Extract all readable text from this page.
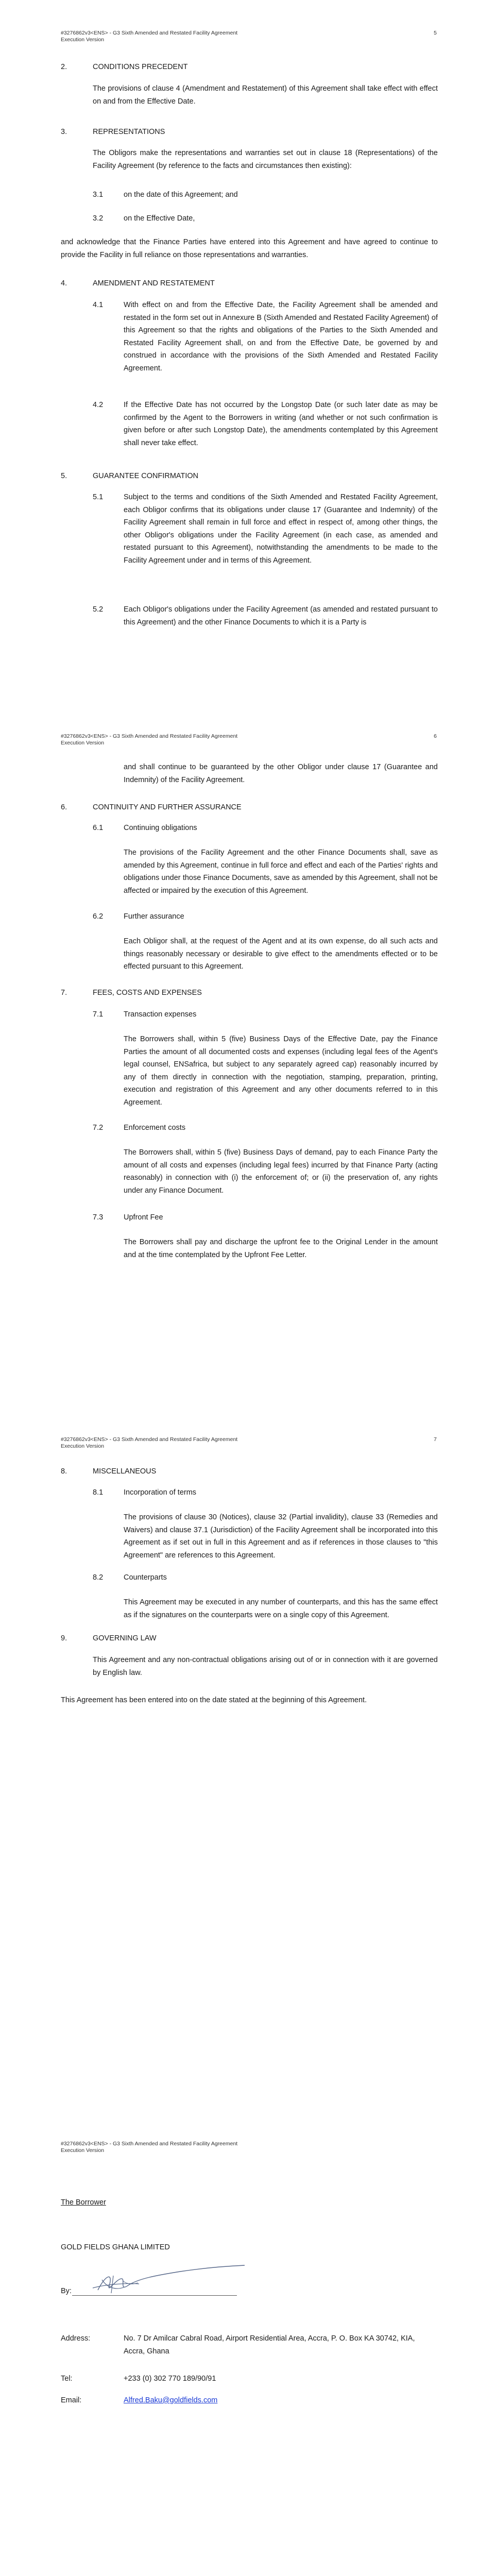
#3276862v3<ENS> - G3 Sixth Amended and Restated Facility Agreement
Execution Version
5
2.	CONDITIONS PRECEDENT
The provisions of clause 4 (Amendment and Restatement) of this Agreement shall take effect with effect on and from the Effective Date.
3.	REPRESENTATIONS
The Obligors make the representations and warranties set out in clause 18 (Representations) of the Facility Agreement (by reference to the facts and circumstances then existing):
3.1	on the date of this Agreement; and
3.2	on the Effective Date,
and acknowledge that the Finance Parties have entered into this Agreement and have agreed to continue to provide the Facility in full reliance on those representations and warranties.
4.	AMENDMENT AND RESTATEMENT
4.1	With effect on and from the Effective Date, the Facility Agreement shall be amended and restated in the form set out in Annexure B (Sixth Amended and Restated Facility Agreement) of this Agreement so that the rights and obligations of the Parties to the Sixth Amended and Restated Facility Agreement shall, on and from the Effective Date, be governed by and construed in accordance with the provisions of the Sixth Amended and Restated Facility Agreement.
4.2	If the Effective Date has not occurred by the Longstop Date (or such later date as may be confirmed by the Agent to the Borrowers in writing (and whether or not such confirmation is given before or after such Longstop Date), the amendments contemplated by this Agreement shall never take effect.
5.	GUARANTEE CONFIRMATION
5.1	Subject to the terms and conditions of the Sixth Amended and Restated Facility Agreement, each Obligor confirms that its obligations under clause 17 (Guarantee and Indemnity) of the Facility Agreement shall remain in full force and effect in respect of, among other things, the other Obligor's obligations under the Facility Agreement (in each case, as amended and restated pursuant to this Agreement), notwithstanding the amendments to be made to the Facility Agreement under and in terms of this Agreement.
5.2	Each Obligor's obligations under the Facility Agreement (as amended and restated pursuant to this Agreement) and the other Finance Documents to which it is a Party is
#3276862v3<ENS> - G3 Sixth Amended and Restated Facility Agreement
Execution Version
6
and shall continue to be guaranteed by the other Obligor under clause 17 (Guarantee and Indemnity) of the Facility Agreement.
6.	CONTINUITY AND FURTHER ASSURANCE
6.1	Continuing obligations
The provisions of the Facility Agreement and the other Finance Documents shall, save as amended by this Agreement, continue in full force and effect and each of the Parties' rights and obligations under those Finance Documents, save as amended by this Agreement, shall not be affected or impaired by the execution of this Agreement.
6.2	Further assurance
Each Obligor shall, at the request of the Agent and at its own expense, do all such acts and things reasonably necessary or desirable to give effect to the amendments effected or to be effected pursuant to this Agreement.
7.	FEES, COSTS AND EXPENSES
7.1	Transaction expenses
The Borrowers shall, within 5 (five) Business Days of the Effective Date, pay the Finance Parties the amount of all documented costs and expenses (including legal fees of the Agent's legal counsel, ENSafrica, but subject to any separately agreed cap) reasonably incurred by any of them directly in connection with the negotiation, stamping, preparation, printing, execution and registration of this Agreement and any other documents referred to in this Agreement.
7.2	Enforcement costs
The Borrowers shall, within 5 (five) Business Days of demand, pay to each Finance Party the amount of all costs and expenses (including legal fees) incurred by that Finance Party (acting reasonably) in connection with (i) the enforcement of; or (ii) the preservation of, any rights under any Finance Document.
7.3	Upfront Fee
The Borrowers shall pay and discharge the upfront fee to the Original Lender in the amount and at the time contemplated by the Upfront Fee Letter.
#3276862v3<ENS> - G3 Sixth Amended and Restated Facility Agreement
Execution Version
7
8.	MISCELLANEOUS
8.1	Incorporation of terms
The provisions of clause 30 (Notices), clause 32 (Partial invalidity), clause 33 (Remedies and Waivers) and clause 37.1 (Jurisdiction) of the Facility Agreement shall be incorporated into this Agreement as if set out in full in this Agreement and as if references in those clauses to "this Agreement" are references to this Agreement.
8.2	Counterparts
This Agreement may be executed in any number of counterparts, and this has the same effect as if the signatures on the counterparts were on a single copy of this Agreement.
9.	GOVERNING LAW
This Agreement and any non-contractual obligations arising out of or in connection with it are governed by English law.
This Agreement has been entered into on the date stated at the beginning of this Agreement.
#3276862v3<ENS> - G3 Sixth Amended and Restated Facility Agreement
Execution Version
The Borrower
GOLD FIELDS GHANA LIMITED
By:
Address:	No. 7 Dr Amilcar Cabral Road, Airport Residential Area, Accra, P. O. Box KA 30742, KIA, Accra, Ghana
Tel:	+233 (0) 302 770 189/90/91
Email:	Alfred.Baku@goldfields.com
